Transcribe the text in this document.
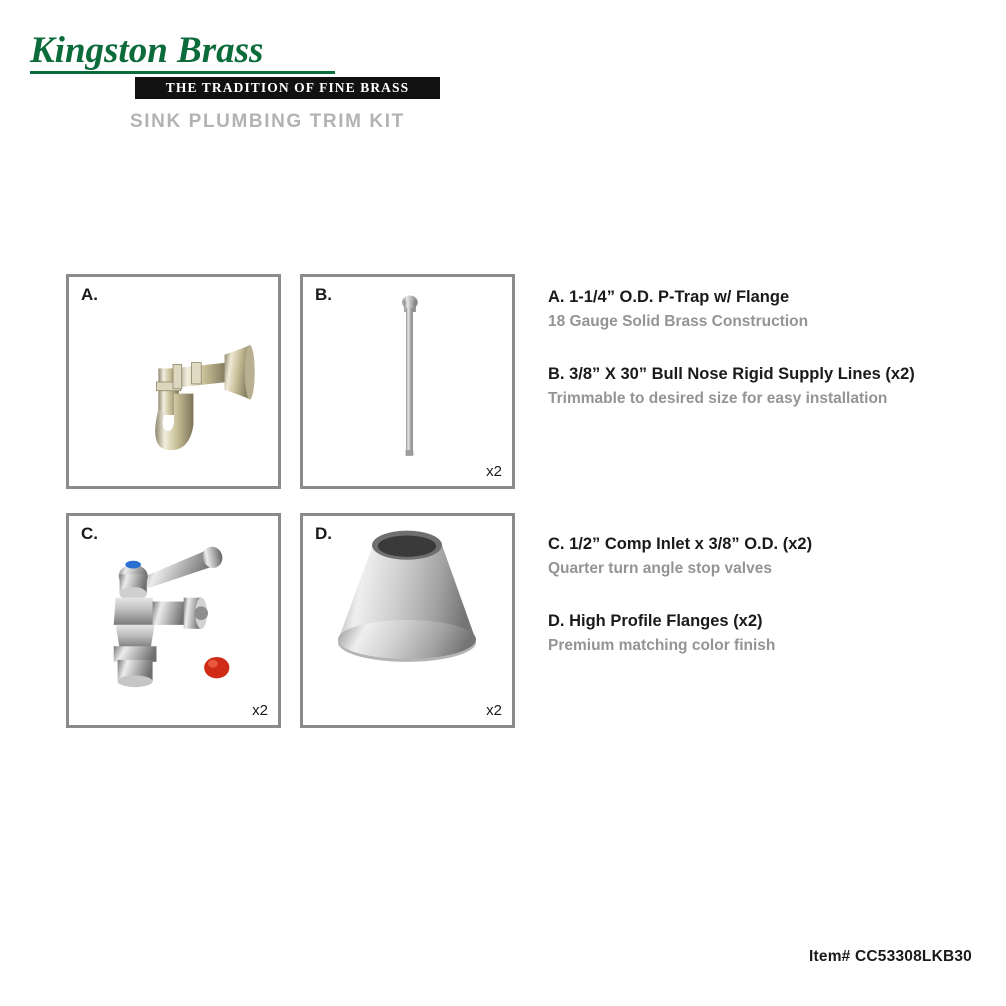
Kingston Brass
THE TRADITION OF FINE BRASS
SINK PLUMBING TRIM KIT
A.	B.
x2
C.
x2
D.
x2

A. 1-1/4” O.D. P-Trap w/ Flange

18 Gauge Solid Brass Construction

B. 3/8” X 30” Bull Nose Rigid Supply Lines (x2)

Trimmable to desired size for easy installation

C. 1/2” Comp Inlet x 3/8” O.D. (x2)

Quarter turn angle stop valves

D. High Profile Flanges (x2)

Premium matching color finish

Item# CC53308LKB30
